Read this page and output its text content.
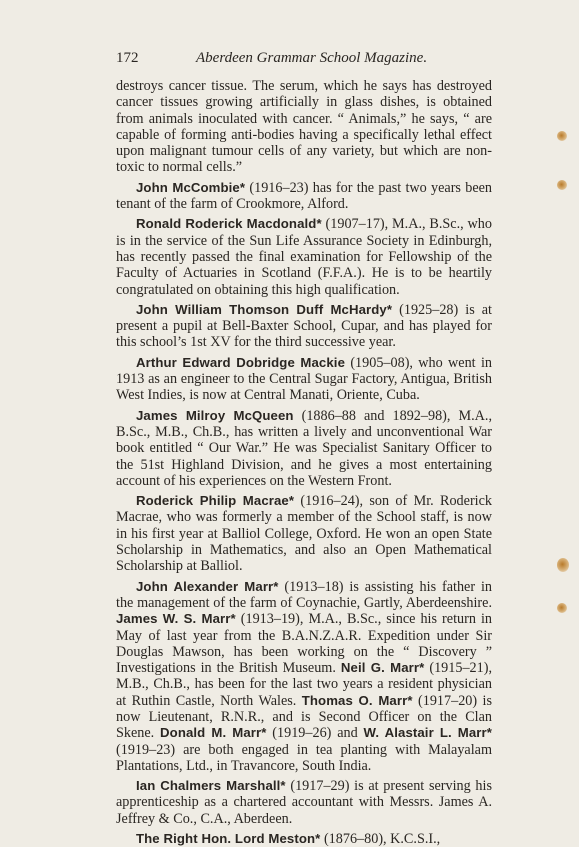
172	Aberdeen Grammar School Magazine.

destroys cancer tissue. The serum, which he says has destroyed cancer tissues growing artificially in glass dishes, is obtained from animals inoculated with cancer. “ Animals,” he says, “ are capable of forming anti-bodies having a specifically lethal effect upon malignant tumour cells of any variety, but which are non-toxic to normal cells.”

John McCombie* (1916–23) has for the past two years been tenant of the farm of Crookmore, Alford.

Ronald Roderick Macdonald* (1907–17), M.A., B.Sc., who is in the service of the Sun Life Assurance Society in Edinburgh, has recently passed the final examination for Fellowship of the Faculty of Actuaries in Scotland (F.F.A.). He is to be heartily congratulated on obtaining this high qualification.

John William Thomson Duff McHardy* (1925–28) is at present a pupil at Bell-Baxter School, Cupar, and has played for this school’s 1st XV for the third successive year.

Arthur Edward Dobridge Mackie (1905–08), who went in 1913 as an engineer to the Central Sugar Factory, Antigua, British West Indies, is now at Central Manati, Oriente, Cuba.

James Milroy McQueen (1886–88 and 1892–98), M.A., B.Sc., M.B., Ch.B., has written a lively and unconventional War book entitled “ Our War.” He was Specialist Sanitary Officer to the 51st Highland Division, and he gives a most entertaining account of his experiences on the Western Front.

Roderick Philip Macrae* (1916–24), son of Mr. Roderick Macrae, who was formerly a member of the School staff, is now in his first year at Balliol College, Oxford. He won an open State Scholarship in Mathematics, and also an Open Mathematical Scholarship at Balliol.

John Alexander Marr* (1913–18) is assisting his father in the management of the farm of Coynachie, Gartly, Aberdeenshire. James W. S. Marr* (1913–19), M.A., B.Sc., since his return in May of last year from the B.A.N.Z.A.R. Expedition under Sir Douglas Mawson, has been working on the “ Discovery ” Investigations in the British Museum. Neil G. Marr* (1915–21), M.B., Ch.B., has been for the last two years a resident physician at Ruthin Castle, North Wales. Thomas O. Marr* (1917–20) is now Lieutenant, R.N.R., and is Second Officer on the Clan Skene. Donald M. Marr* (1919–26) and W. Alastair L. Marr* (1919–23) are both engaged in tea planting with Malayalam Plantations, Ltd., in Travancore, South India.

Ian Chalmers Marshall* (1917–29) is at present serving his apprenticeship as a chartered accountant with Messrs. James A. Jeffrey & Co., C.A., Aberdeen.

The Right Hon. Lord Meston* (1876–80), K.C.S.I.,
